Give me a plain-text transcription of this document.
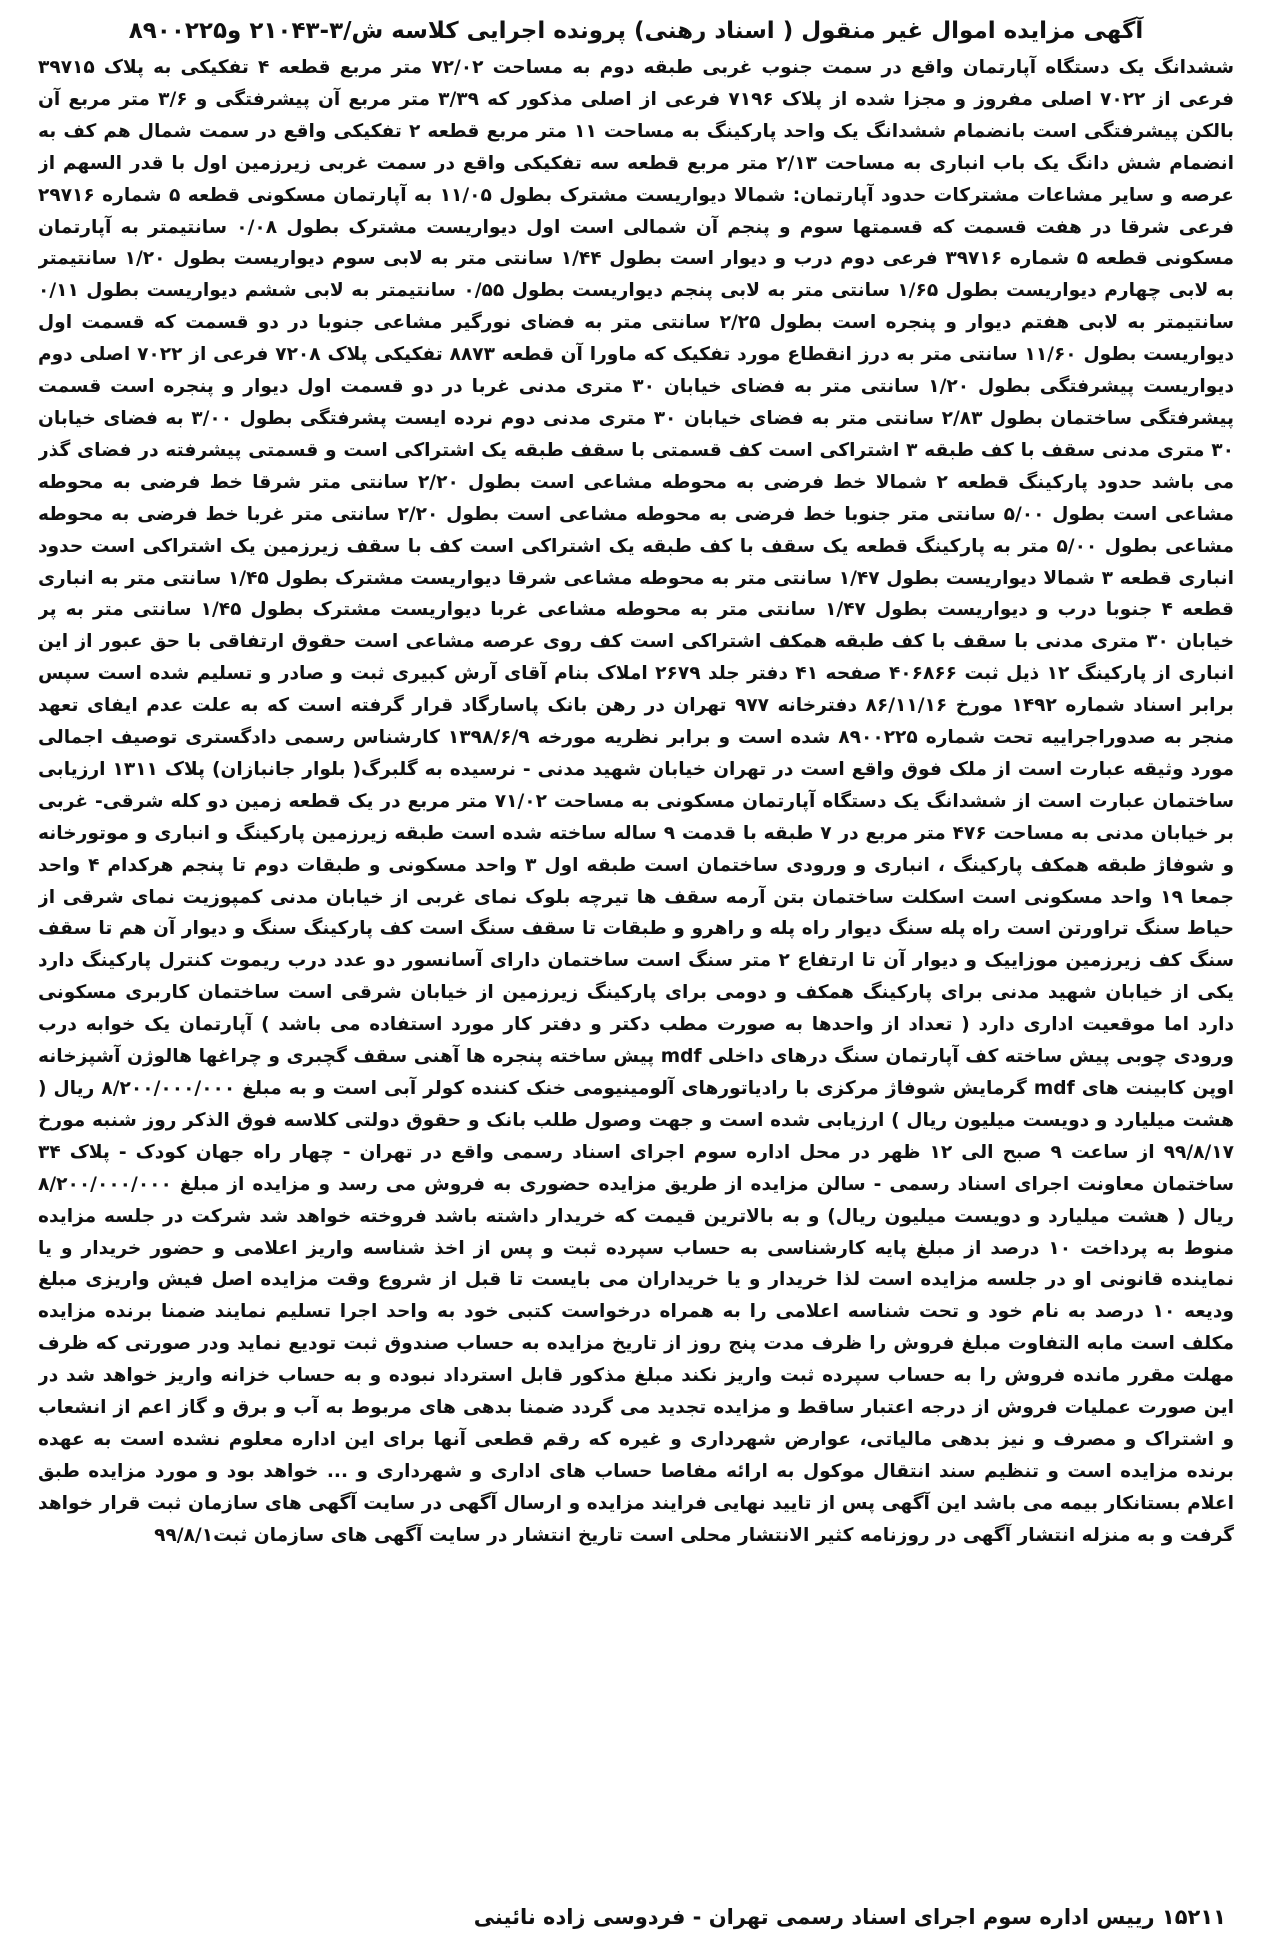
آگهی مزایده اموال غیر منقول ( اسناد رهنی) پرونده اجرایی کلاسه ش/۳-۲۱۰۴۳ و۸۹۰۰۲۲۵
ششدانگ یک دستگاه آپارتمان واقع در سمت جنوب غربی طبقه دوم به مساحت ۷۲/۰۲ متر مربع قطعه ۴ تفکیکی به پلاک ۳۹۷۱۵ فرعی از ۷۰۲۲ اصلی مفروز و مجزا شده از پلاک ۷۱۹۶ فرعی از اصلی مذکور که ۳/۳۹ متر مربع آن پیشرفتگی و ۳/۶ متر مربع آن بالکن پیشرفتگی است بانضمام ششدانگ یک واحد پارکینگ به مساحت ۱۱ متر مربع قطعه ۲ تفکیکی واقع در سمت شمال هم کف به انضمام شش دانگ یک باب انباری به مساحت ۲/۱۳ متر مربع قطعه سه تفکیکی واقع در سمت غربی زیرزمین اول با قدر السهم از عرصه و سایر مشاعات مشترکات حدود آپارتمان: شمالا دیواریست مشترک بطول ۱۱/۰۵ به آپارتمان مسکونی قطعه ۵ شماره ۲۹۷۱۶ فرعی شرقا در هفت قسمت که قسمتها سوم و پنجم آن شمالی است اول دیواریست مشترک بطول ۰/۰۸ سانتیمتر به آپارتمان مسکونی قطعه ۵ شماره ۳۹۷۱۶ فرعی دوم درب و دیوار است بطول ۱/۴۴ سانتی متر به لابی سوم دیواریست بطول ۱/۲۰ سانتیمتر به لابی چهارم دیواریست بطول ۱/۶۵ سانتی متر به لابی پنجم دیواریست بطول ۰/۵۵ سانتیمتر به لابی ششم دیواریست بطول ۰/۱۱ سانتیمتر به لابی هفتم دیوار و پنجره است بطول ۲/۲۵ سانتی متر به فضای نورگیر مشاعی جنوبا در دو قسمت که قسمت اول دیواریست بطول ۱۱/۶۰ سانتی متر به درز انقطاع مورد تفکیک که ماورا آن قطعه ۸۸۷۳ تفکیکی پلاک ۷۲۰۸ فرعی از ۷۰۲۲ اصلی دوم دیواریست پیشرفتگی بطول ۱/۲۰ سانتی متر به فضای خیابان ۳۰ متری مدنی غربا در دو قسمت اول دیوار و پنجره است قسمت پیشرفتگی ساختمان بطول ۲/۸۳ سانتی متر به فضای خیابان ۳۰ متری مدنی دوم نرده ایست پشرفتگی بطول ۳/۰۰ به فضای خیابان ۳۰ متری مدنی سقف با کف طبقه ۳ اشتراکی است کف قسمتی با سقف طبقه یک اشتراکی است و قسمتی پیشرفته در فضای گذر می باشد حدود پارکینگ قطعه ۲ شمالا خط فرضی به محوطه مشاعی است بطول ۲/۲۰ سانتی متر شرقا خط فرضی به محوطه مشاعی است بطول ۵/۰۰ سانتی متر جنوبا خط فرضی به محوطه مشاعی است بطول ۲/۲۰ سانتی متر غربا خط فرضی به محوطه مشاعی بطول ۵/۰۰ متر به پارکینگ قطعه یک سقف با کف طبقه یک اشتراکی است کف با سقف زیرزمین یک اشتراکی است حدود انباری قطعه ۳ شمالا دیواریست بطول ۱/۴۷ سانتی متر به محوطه مشاعی شرقا دیواریست مشترک بطول ۱/۴۵ سانتی متر به انباری قطعه ۴ جنوبا درب و دیواریست بطول ۱/۴۷ سانتی متر به محوطه مشاعی غربا دیواریست مشترک بطول ۱/۴۵ سانتی متر به پر خیابان ۳۰ متری مدنی با سقف با کف طبقه همکف اشتراکی است کف روی عرصه مشاعی است حقوق ارتفاقی با حق عبور از این انباری از پارکینگ ۱۲ ذیل ثبت ۴۰۶۸۶۶ صفحه ۴۱ دفتر جلد ۲۶۷۹ املاک بنام آقای آرش کبیری ثبت و صادر و تسلیم شده است سپس برابر اسناد شماره ۱۴۹۲ مورخ ۸۶/۱۱/۱۶ دفترخانه ۹۷۷ تهران در رهن بانک پاسارگاد قرار گرفته است که به علت عدم ایفای تعهد منجر به صدوراجراییه تحت شماره ۸۹۰۰۲۲۵ شده است و برابر نظریه مورخه ۱۳۹۸/۶/۹ کارشناس رسمی دادگستری توصیف اجمالی مورد وثیقه عبارت است از ملک فوق واقع است در تهران خیابان شهید مدنی - نرسیده به گلبرگ( بلوار جانبازان) پلاک ۱۳۱۱ ارزیابی ساختمان عبارت است از ششدانگ یک دستگاه آپارتمان مسکونی به مساحت ۷۱/۰۲ متر مربع در یک قطعه زمین دو کله شرقی- غربی بر خیابان مدنی به مساحت ۴۷۶ متر مربع در ۷ طبقه با قدمت ۹ ساله ساخته شده است طبقه زیرزمین پارکینگ و انباری و موتورخانه و شوفاژ طبقه همکف پارکینگ ، انباری و ورودی ساختمان است طبقه اول ۳ واحد مسکونی و طبقات دوم تا پنجم هرکدام ۴ واحد جمعا ۱۹ واحد مسکونی است اسکلت ساختمان بتن آرمه سقف ها تیرچه بلوک نمای غربی از خیابان مدنی کمپوزیت نمای شرقی از حیاط سنگ تراورتن است راه پله سنگ دیوار راه پله و راهرو و طبقات تا سقف سنگ است کف پارکینگ سنگ و دیوار آن هم تا سقف سنگ کف زیرزمین موزاییک و دیوار آن تا ارتفاع ۲ متر سنگ است ساختمان دارای آسانسور دو عدد درب ریموت کنترل پارکینگ دارد یکی از خیابان شهید مدنی برای پارکینگ همکف و دومی برای پارکینگ زیرزمین از خیابان شرقی است ساختمان کاربری مسکونی دارد اما موقعیت اداری دارد ( تعداد از واحدها به صورت مطب دکتر و دفتر کار مورد استفاده می باشد ) آپارتمان یک خوابه درب ورودی چوبی پیش ساخته کف آپارتمان سنگ درهای داخلی mdf پیش ساخته پنجره ها آهنی سقف گچبری و چراغها هالوژن آشپزخانه اوپن کابینت های mdf گرمایش شوفاژ مرکزی با رادیاتورهای آلومینیومی خنک کننده کولر آبی است و به مبلغ ۸/۲۰۰/۰۰۰/۰۰۰ ریال ( هشت میلیارد و دویست میلیون ریال ) ارزیابی شده است و جهت وصول طلب بانک و حقوق دولتی کلاسه فوق الذکر روز شنبه مورخ ۹۹/۸/۱۷ از ساعت ۹ صبح الی ۱۲ ظهر در محل اداره سوم اجرای اسناد رسمی واقع در تهران - چهار راه جهان کودک - پلاک ۳۴ ساختمان معاونت اجرای اسناد رسمی - سالن مزایده از طریق مزایده حضوری به فروش می رسد و مزایده از مبلغ ۸/۲۰۰/۰۰۰/۰۰۰ ریال ( هشت میلیارد و دویست میلیون ریال) و به بالاترین قیمت که خریدار داشته باشد فروخته خواهد شد شرکت در جلسه مزایده منوط به پرداخت ۱۰ درصد از مبلغ پایه کارشناسی به حساب سپرده ثبت و پس از اخذ شناسه واریز اعلامی و حضور خریدار و یا نماینده قانونی او در جلسه مزایده است لذا خریدار و یا خریداران می بایست تا قبل از شروع وقت مزایده اصل فیش واریزی مبلغ ودیعه ۱۰ درصد به نام خود و تحت شناسه اعلامی را به همراه درخواست کتبی خود به واحد اجرا تسلیم نمایند ضمنا برنده مزایده مکلف است مابه التفاوت مبلغ فروش را ظرف مدت پنج روز از تاریخ مزایده به حساب صندوق ثبت تودیع نماید ودر صورتی که ظرف مهلت مقرر مانده فروش را به حساب سپرده ثبت واریز نکند مبلغ مذکور قابل استرداد نبوده و به حساب خزانه واریز خواهد شد در این صورت عملیات فروش از درجه اعتبار ساقط و مزایده تجدید می گردد ضمنا بدهی های مربوط به آب و برق و گاز اعم از انشعاب و اشتراک و مصرف و نیز بدهی مالیاتی، عوارض شهرداری و غیره که رقم قطعی آنها برای این اداره معلوم نشده است به عهده برنده مزایده است و تنظیم سند انتقال موکول به ارائه مفاصا حساب های اداری و شهرداری و ... خواهد بود و مورد مزایده طبق اعلام بستانکار بیمه می باشد این آگهی پس از تایید نهایی فرایند مزایده و ارسال آگهی در سایت آگهی های سازمان ثبت قرار خواهد گرفت و به منزله انتشار آگهی در روزنامه کثیر الانتشار محلی است تاریخ انتشار در سایت آگهی های سازمان ثبت۹۹/۸/۱
۱۵۲۱۱ رییس اداره سوم اجرای اسناد رسمی تهران - فردوسی زاده نائینی
